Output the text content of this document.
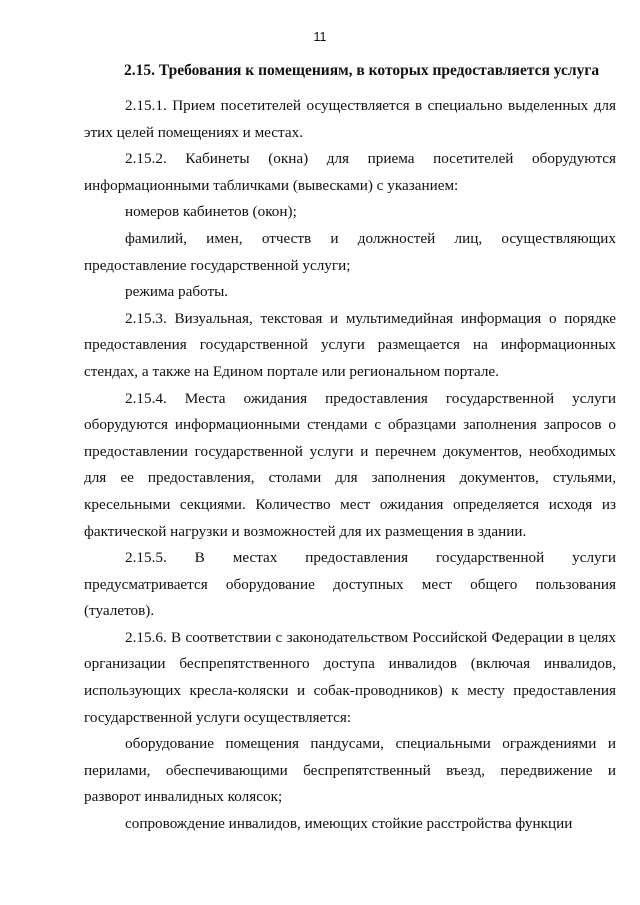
11
2.15. Требования к помещениям, в которых предоставляется услуга

2.15.1. Прием посетителей осуществляется в специально выделенных для этих целей помещениях и местах.

2.15.2. Кабинеты (окна) для приема посетителей оборудуются информационными табличками (вывесками) с указанием:

номеров кабинетов (окон);

фамилий, имен, отчеств и должностей лиц, осуществляющих предоставление государственной услуги;

режима работы.

2.15.3. Визуальная, текстовая и мультимедийная информация о порядке предоставления государственной услуги размещается на информационных стендах, а также на Едином портале или региональном портале.

2.15.4. Места ожидания предоставления государственной услуги оборудуются информационными стендами с образцами заполнения запросов о предоставлении государственной услуги и перечнем документов, необходимых для ее предоставления, столами для заполнения документов, стульями, кресельными секциями. Количество мест ожидания определяется исходя из фактической нагрузки и возможностей для их размещения в здании.

2.15.5. В местах предоставления государственной услуги предусматривается оборудование доступных мест общего пользования (туалетов).

2.15.6. В соответствии с законодательством Российской Федерации в целях организации беспрепятственного доступа инвалидов (включая инвалидов, использующих кресла-коляски и собак-проводников) к месту предоставления государственной услуги осуществляется:

оборудование помещения пандусами, специальными ограждениями и перилами, обеспечивающими беспрепятственный въезд, передвижение и разворот инвалидных колясок;

сопровождение инвалидов, имеющих стойкие расстройства функции
